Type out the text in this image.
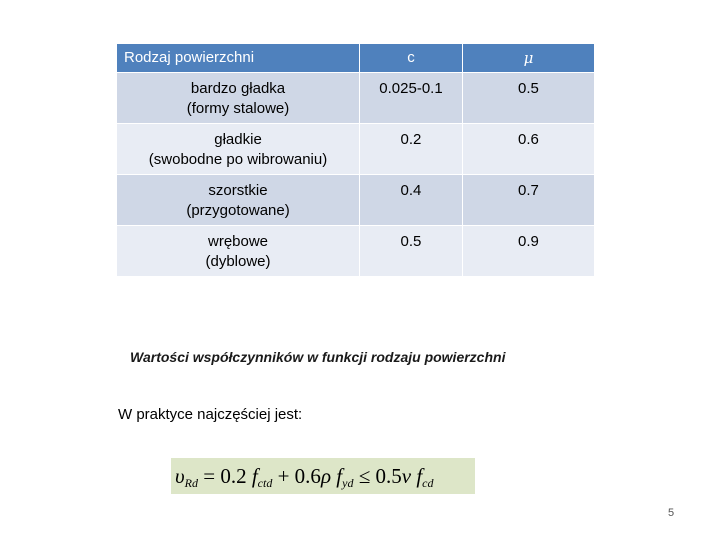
Rodzaj powierzchni	c	μ

bardzo gładka
(formy stalowe)	0.025-0.1	0.5

gładkie
(swobodne po wibrowaniu)	0.2	0.6

szorstkie
(przygotowane)	0.4	0.7

wrębowe
(dyblowe)	0.5	0.9
Wartości współczynników w funkcji rodzaju powierzchni
W praktyce najczęściej jest:
$\upsilon_{Rd} = 0.2$ $f_{ctd} + 0.6\rho$ $f_{yd} \le 0.5\nu$ $f_{cd}$
5
